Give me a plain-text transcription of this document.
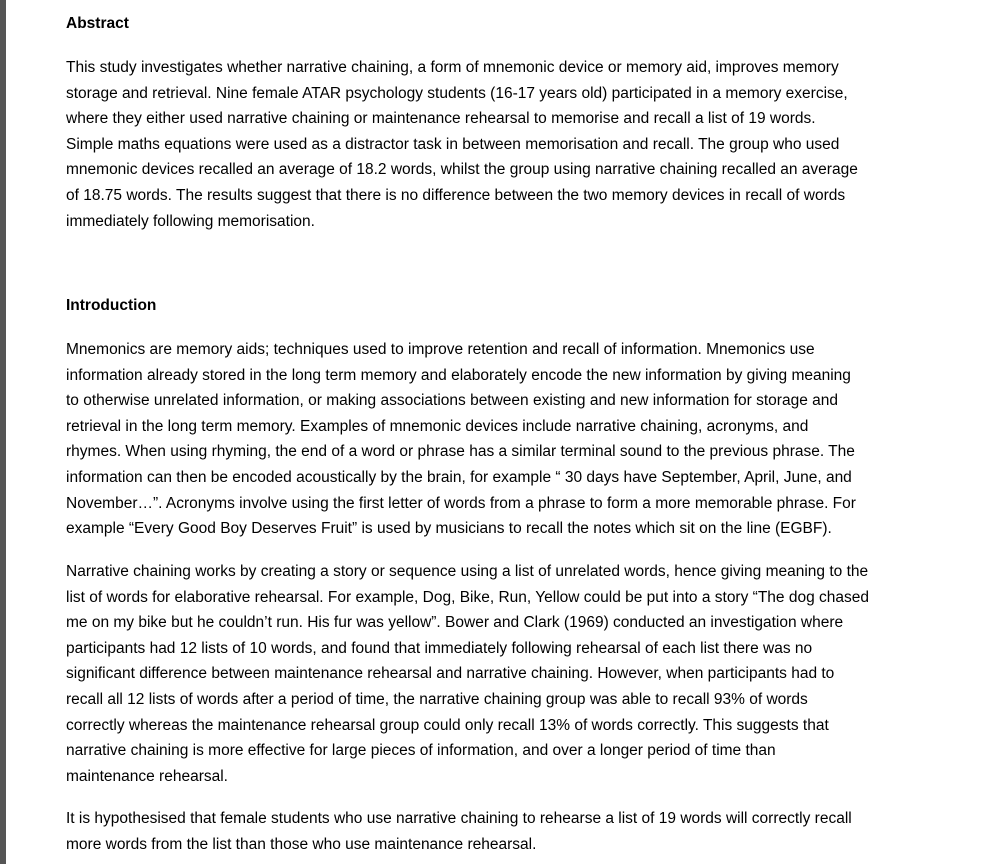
Abstract

This study investigates whether narrative chaining, a form of mnemonic device or memory aid, improves memory
storage and retrieval. Nine female ATAR psychology students (16-17 years old) participated in a memory exercise,
where they either used narrative chaining or maintenance rehearsal to memorise and recall a list of 19 words.
Simple maths equations were used as a distractor task in between memorisation and recall. The group who used
mnemonic devices recalled an average of 18.2 words, whilst the group using narrative chaining recalled an average
of 18.75 words. The results suggest that there is no difference between the two memory devices in recall of words
immediately following memorisation.

Introduction

Mnemonics are memory aids; techniques used to improve retention and recall of information. Mnemonics use
information already stored in the long term memory and elaborately encode the new information by giving meaning
to otherwise unrelated information, or making associations between existing and new information for storage and
retrieval in the long term memory. Examples of mnemonic devices include narrative chaining, acronyms, and
rhymes. When using rhyming, the end of a word or phrase has a similar terminal sound to the previous phrase. The
information can then be encoded acoustically by the brain, for example “ 30 days have September, April, June, and
November…”. Acronyms involve using the first letter of words from a phrase to form a more memorable phrase. For
example “Every Good Boy Deserves Fruit” is used by musicians to recall the notes which sit on the line (EGBF).

Narrative chaining works by creating a story or sequence using a list of unrelated words, hence giving meaning to the
list of words for elaborative rehearsal. For example, Dog, Bike, Run, Yellow could be put into a story “The dog chased
me on my bike but he couldn’t run. His fur was yellow”. Bower and Clark (1969) conducted an investigation where
participants had 12 lists of 10 words, and found that immediately following rehearsal of each list there was no
significant difference between maintenance rehearsal and narrative chaining. However, when participants had to
recall all 12 lists of words after a period of time, the narrative chaining group was able to recall 93% of words
correctly whereas the maintenance rehearsal group could only recall 13% of words correctly. This suggests that
narrative chaining is more effective for large pieces of information, and over a longer period of time than
maintenance rehearsal.

It is hypothesised that female students who use narrative chaining to rehearse a list of 19 words will correctly recall
more words from the list than those who use maintenance rehearsal.
